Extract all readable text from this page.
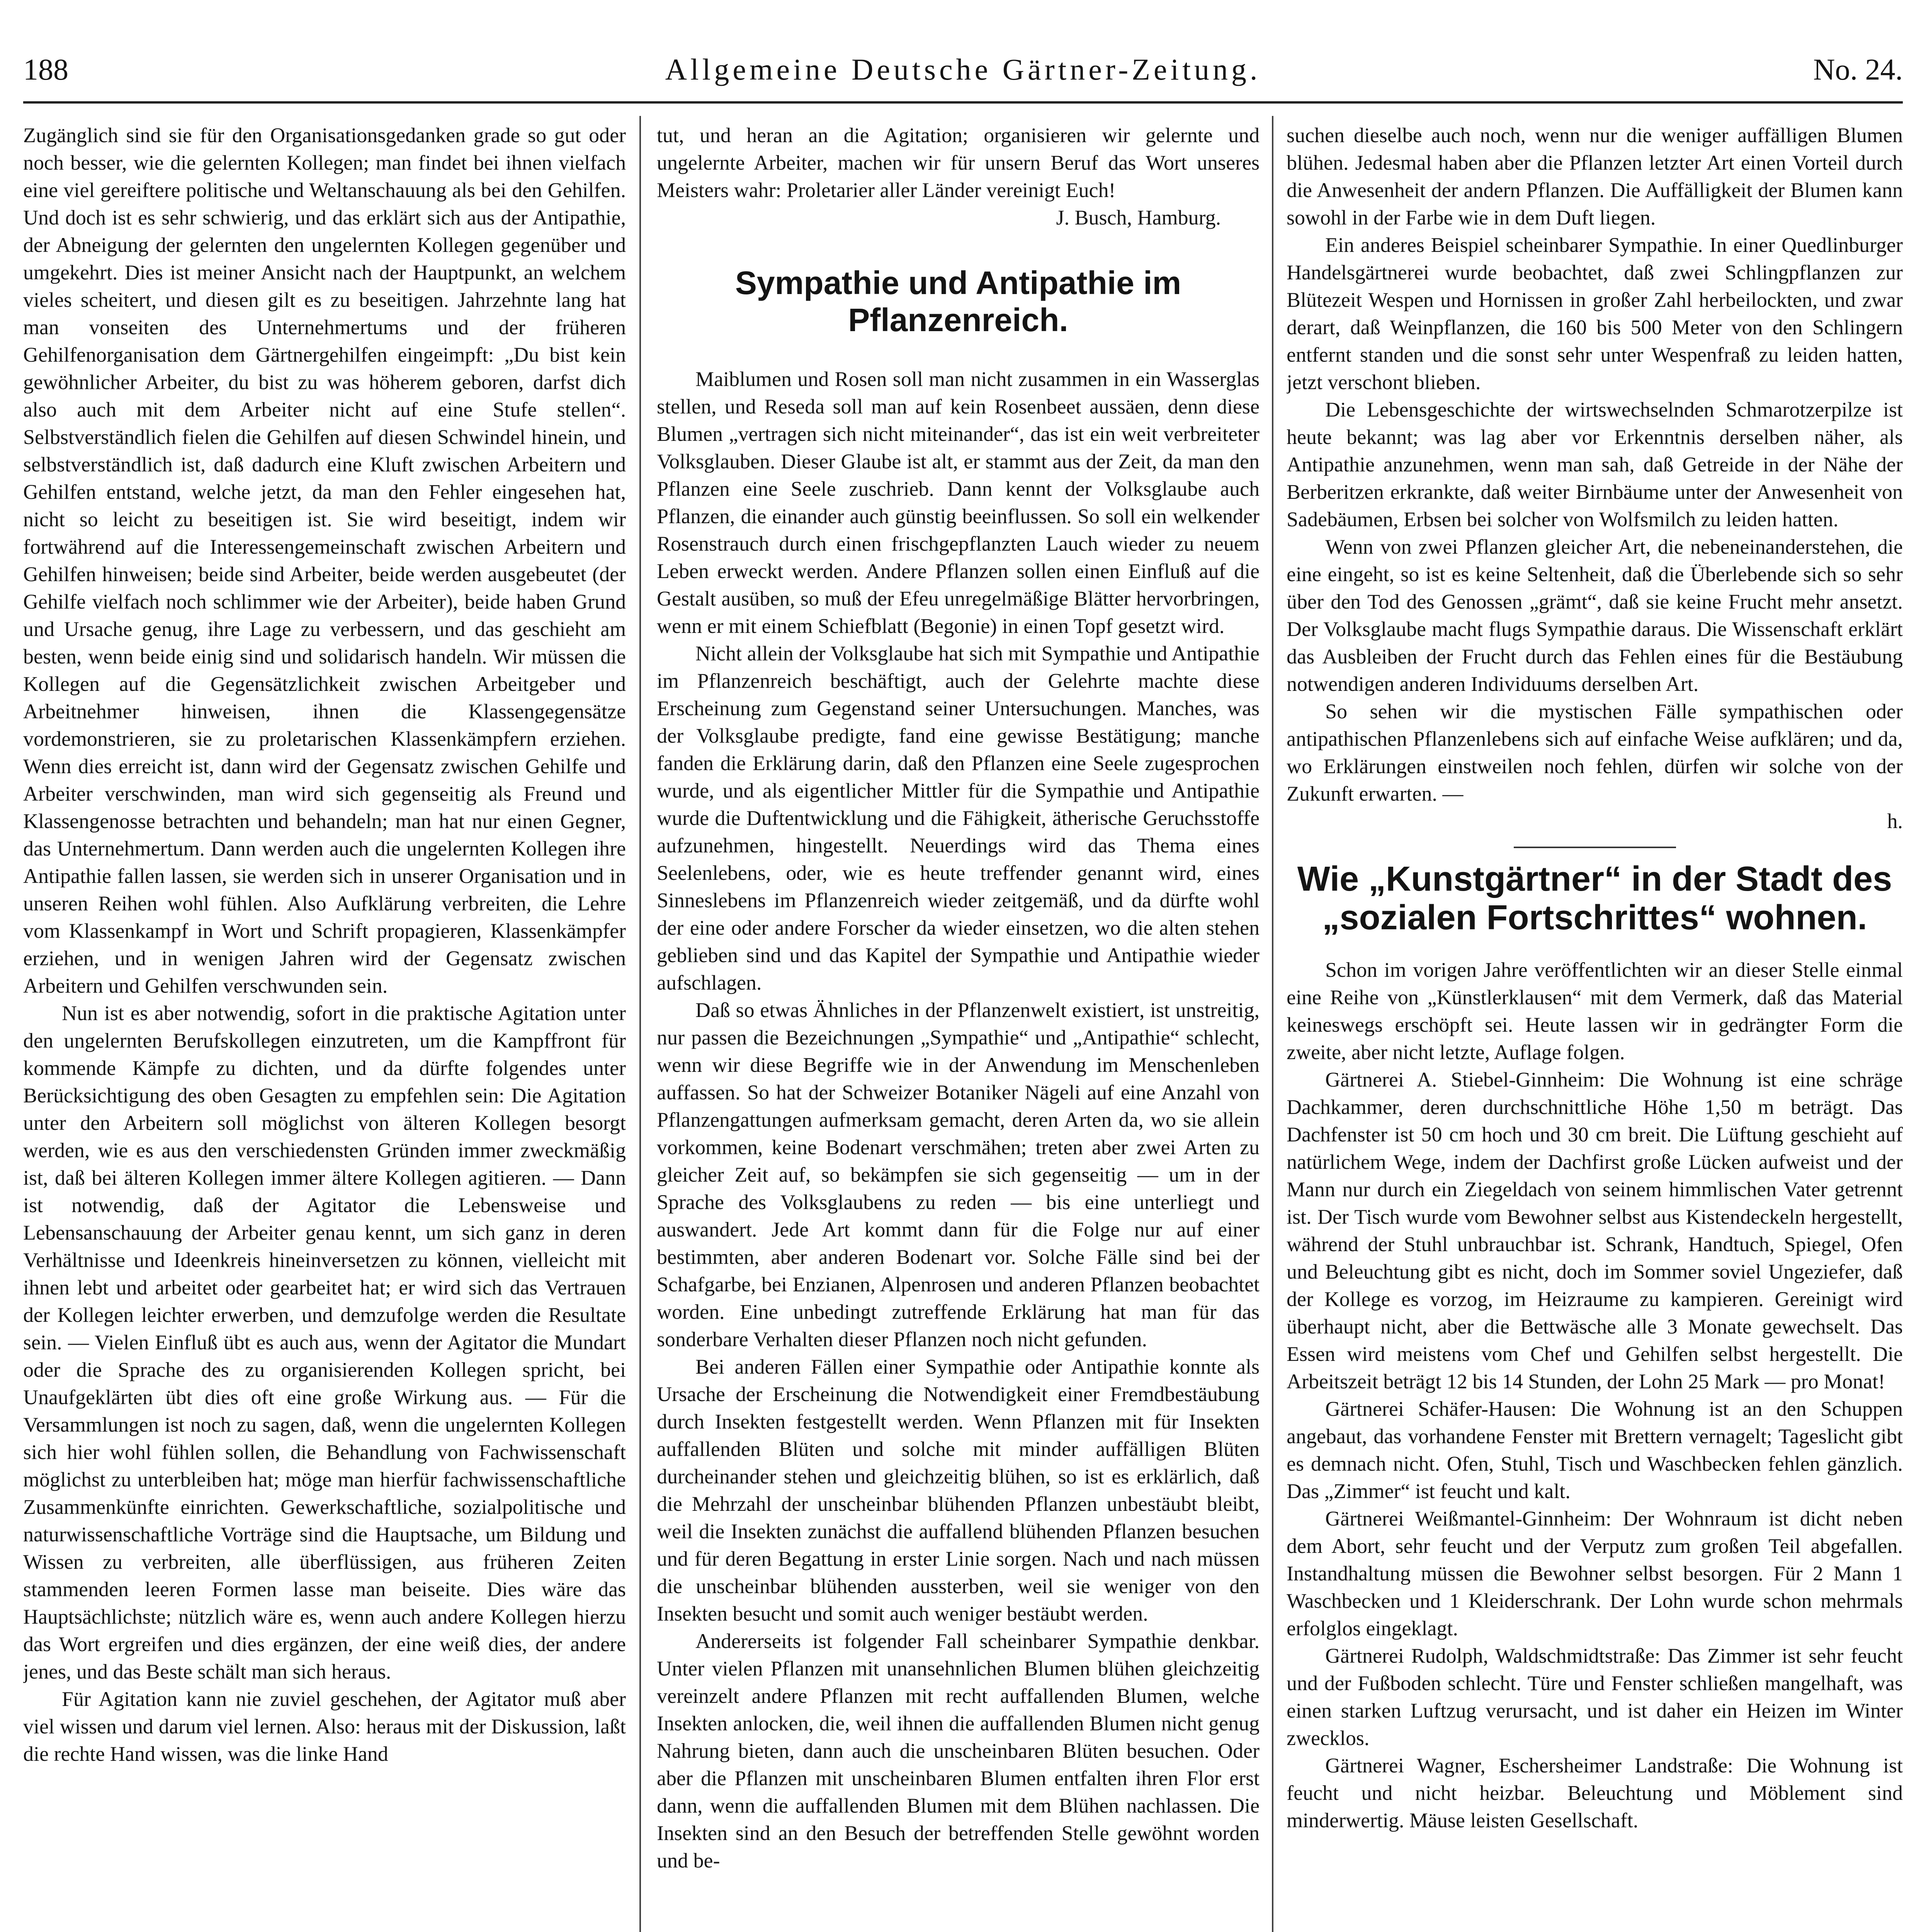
Allgemeine Deutsche Gärtner-Zeitung.
188	No. 24.

Zugänglich sind sie für den Organisationsgedanken grade so gut oder noch besser, wie die gelernten Kollegen; man findet bei ihnen vielfach eine viel gereiftere politische und Weltanschauung als bei den Gehilfen. Und doch ist es sehr schwierig, und das erklärt sich aus der Antipathie, der Abneigung der gelernten den ungelernten Kollegen gegenüber und umgekehrt. Dies ist meiner Ansicht nach der Hauptpunkt, an welchem vieles scheitert, und diesen gilt es zu beseitigen. Jahrzehnte lang hat man vonseiten des Unternehmertums und der früheren Gehilfenorganisation dem Gärtnergehilfen eingeimpft: „Du bist kein gewöhnlicher Arbeiter, du bist zu was höherem geboren, darfst dich also auch mit dem Arbeiter nicht auf eine Stufe stellen“. Selbstverständlich fielen die Gehilfen auf diesen Schwindel hinein, und selbstverständlich ist, daß dadurch eine Kluft zwischen Arbeitern und Gehilfen entstand, welche jetzt, da man den Fehler eingesehen hat, nicht so leicht zu beseitigen ist. Sie wird beseitigt, indem wir fortwährend auf die Interessengemeinschaft zwischen Arbeitern und Gehilfen hinweisen; beide sind Arbeiter, beide werden ausgebeutet (der Gehilfe vielfach noch schlimmer wie der Arbeiter), beide haben Grund und Ursache genug, ihre Lage zu verbessern, und das geschieht am besten, wenn beide einig sind und solidarisch handeln. Wir müssen die Kollegen auf die Gegensätzlichkeit zwischen Arbeitgeber und Arbeitnehmer hinweisen, ihnen die Klassengegensätze vordemonstrieren, sie zu proletarischen Klassenkämpfern erziehen. Wenn dies erreicht ist, dann wird der Gegensatz zwischen Gehilfe und Arbeiter verschwinden, man wird sich gegenseitig als Freund und Klassengenosse betrachten und behandeln; man hat nur einen Gegner, das Unternehmertum. Dann werden auch die ungelernten Kollegen ihre Antipathie fallen lassen, sie werden sich in unserer Organisation und in unseren Reihen wohl fühlen. Also Aufklärung verbreiten, die Lehre vom Klassenkampf in Wort und Schrift propagieren, Klassenkämpfer erziehen, und in wenigen Jahren wird der Gegensatz zwischen Arbeitern und Gehilfen verschwunden sein.

Nun ist es aber notwendig, sofort in die praktische Agitation unter den ungelernten Berufskollegen einzutreten, um die Kampffront für kommende Kämpfe zu dichten, und da dürfte folgendes unter Berücksichtigung des oben Gesagten zu empfehlen sein: Die Agitation unter den Arbeitern soll möglichst von älteren Kollegen besorgt werden, wie es aus den verschiedensten Gründen immer zweckmäßig ist, daß bei älteren Kollegen immer ältere Kollegen agitieren. — Dann ist notwendig, daß der Agitator die Lebensweise und Lebensanschauung der Arbeiter genau kennt, um sich ganz in deren Verhältnisse und Ideenkreis hineinversetzen zu können, vielleicht mit ihnen lebt und arbeitet oder gearbeitet hat; er wird sich das Vertrauen der Kollegen leichter erwerben, und demzufolge werden die Resultate sein. — Vielen Einfluß übt es auch aus, wenn der Agitator die Mundart oder die Sprache des zu organisierenden Kollegen spricht, bei Unaufgeklärten übt dies oft eine große Wirkung aus. — Für die Versammlungen ist noch zu sagen, daß, wenn die ungelernten Kollegen sich hier wohl fühlen sollen, die Behandlung von Fachwissenschaft möglichst zu unterbleiben hat; möge man hierfür fachwissenschaftliche Zusammenkünfte einrichten. Gewerkschaftliche, sozialpolitische und naturwissenschaftliche Vorträge sind die Hauptsache, um Bildung und Wissen zu verbreiten, alle überflüssigen, aus früheren Zeiten stammenden leeren Formen lasse man beiseite. Dies wäre das Hauptsächlichste; nützlich wäre es, wenn auch andere Kollegen hierzu das Wort ergreifen und dies ergänzen, der eine weiß dies, der andere jenes, und das Beste schält man sich heraus.

Für Agitation kann nie zuviel geschehen, der Agitator muß aber viel wissen und darum viel lernen. Also: heraus mit der Diskussion, laßt die rechte Hand wissen, was die linke Hand

tut, und heran an die Agitation; organisieren wir gelernte und ungelernte Arbeiter, machen wir für unsern Beruf das Wort unseres Meisters wahr: Proletarier aller Länder vereinigt Euch!

J. Busch, Hamburg.

Sympathie und Antipathie im Pflanzenreich.

Maiblumen und Rosen soll man nicht zusammen in ein Wasserglas stellen, und Reseda soll man auf kein Rosenbeet aussäen, denn diese Blumen „vertragen sich nicht miteinander“, das ist ein weit verbreiteter Volksglauben. Dieser Glaube ist alt, er stammt aus der Zeit, da man den Pflanzen eine Seele zuschrieb. Dann kennt der Volksglaube auch Pflanzen, die einander auch günstig beeinflussen. So soll ein welkender Rosenstrauch durch einen frischgepflanzten Lauch wieder zu neuem Leben erweckt werden. Andere Pflanzen sollen einen Einfluß auf die Gestalt ausüben, so muß der Efeu unregelmäßige Blätter hervorbringen, wenn er mit einem Schiefblatt (Begonie) in einen Topf gesetzt wird.

Nicht allein der Volksglaube hat sich mit Sympathie und Antipathie im Pflanzenreich beschäftigt, auch der Gelehrte machte diese Erscheinung zum Gegenstand seiner Untersuchungen. Manches, was der Volksglaube predigte, fand eine gewisse Bestätigung; manche fanden die Erklärung darin, daß den Pflanzen eine Seele zugesprochen wurde, und als eigentlicher Mittler für die Sympathie und Antipathie wurde die Duftentwicklung und die Fähigkeit, ätherische Geruchsstoffe aufzunehmen, hingestellt. Neuerdings wird das Thema eines Seelenlebens, oder, wie es heute treffender genannt wird, eines Sinneslebens im Pflanzenreich wieder zeitgemäß, und da dürfte wohl der eine oder andere Forscher da wieder einsetzen, wo die alten stehen geblieben sind und das Kapitel der Sympathie und Antipathie wieder aufschlagen.

Daß so etwas Ähnliches in der Pflanzenwelt existiert, ist unstreitig, nur passen die Bezeichnungen „Sympathie“ und „Antipathie“ schlecht, wenn wir diese Begriffe wie in der Anwendung im Menschenleben auffassen. So hat der Schweizer Botaniker Nägeli auf eine Anzahl von Pflanzengattungen aufmerksam gemacht, deren Arten da, wo sie allein vorkommen, keine Bodenart verschmähen; treten aber zwei Arten zu gleicher Zeit auf, so bekämpfen sie sich gegenseitig — um in der Sprache des Volksglaubens zu reden — bis eine unterliegt und auswandert. Jede Art kommt dann für die Folge nur auf einer bestimmten, aber anderen Bodenart vor. Solche Fälle sind bei der Schafgarbe, bei Enzianen, Alpenrosen und anderen Pflanzen beobachtet worden. Eine unbedingt zutreffende Erklärung hat man für das sonderbare Verhalten dieser Pflanzen noch nicht gefunden.

Bei anderen Fällen einer Sympathie oder Antipathie konnte als Ursache der Erscheinung die Notwendigkeit einer Fremdbestäubung durch Insekten festgestellt werden. Wenn Pflanzen mit für Insekten auffallenden Blüten und solche mit minder auffälligen Blüten durcheinander stehen und gleichzeitig blühen, so ist es erklärlich, daß die Mehrzahl der unscheinbar blühenden Pflanzen unbestäubt bleibt, weil die Insekten zunächst die auffallend blühenden Pflanzen besuchen und für deren Begattung in erster Linie sorgen. Nach und nach müssen die unscheinbar blühenden aussterben, weil sie weniger von den Insekten besucht und somit auch weniger bestäubt werden.

Andererseits ist folgender Fall scheinbarer Sympathie denkbar. Unter vielen Pflanzen mit unansehnlichen Blumen blühen gleichzeitig vereinzelt andere Pflanzen mit recht auffallenden Blumen, welche Insekten anlocken, die, weil ihnen die auffallenden Blumen nicht genug Nahrung bieten, dann auch die unscheinbaren Blüten besuchen. Oder aber die Pflanzen mit unscheinbaren Blumen entfalten ihren Flor erst dann, wenn die auffallenden Blumen mit dem Blühen nachlassen. Die Insekten sind an den Besuch der betreffenden Stelle gewöhnt worden und be-

suchen dieselbe auch noch, wenn nur die weniger auffälligen Blumen blühen. Jedesmal haben aber die Pflanzen letzter Art einen Vorteil durch die Anwesenheit der andern Pflanzen. Die Auffälligkeit der Blumen kann sowohl in der Farbe wie in dem Duft liegen.

Ein anderes Beispiel scheinbarer Sympathie. In einer Quedlinburger Handelsgärtnerei wurde beobachtet, daß zwei Schlingpflanzen zur Blütezeit Wespen und Hornissen in großer Zahl herbeilockten, und zwar derart, daß Weinpflanzen, die 160 bis 500 Meter von den Schlingern entfernt standen und die sonst sehr unter Wespenfraß zu leiden hatten, jetzt verschont blieben.

Die Lebensgeschichte der wirtswechselnden Schmarotzerpilze ist heute bekannt; was lag aber vor Erkenntnis derselben näher, als Antipathie anzunehmen, wenn man sah, daß Getreide in der Nähe der Berberitzen erkrankte, daß weiter Birnbäume unter der Anwesenheit von Sadebäumen, Erbsen bei solcher von Wolfsmilch zu leiden hatten.

Wenn von zwei Pflanzen gleicher Art, die nebeneinanderstehen, die eine eingeht, so ist es keine Seltenheit, daß die Überlebende sich so sehr über den Tod des Genossen „grämt“, daß sie keine Frucht mehr ansetzt. Der Volksglaube macht flugs Sympathie daraus. Die Wissenschaft erklärt das Ausbleiben der Frucht durch das Fehlen eines für die Bestäubung notwendigen anderen Individuums derselben Art.

So sehen wir die mystischen Fälle sympathischen oder antipathischen Pflanzenlebens sich auf einfache Weise aufklären; und da, wo Erklärungen einstweilen noch fehlen, dürfen wir solche von der Zukunft erwarten. —

h.

Wie „Kunstgärtner“ in der Stadt des „sozialen Fortschrittes“ wohnen.

Schon im vorigen Jahre veröffentlichten wir an dieser Stelle einmal eine Reihe von „Künstlerklausen“ mit dem Vermerk, daß das Material keineswegs erschöpft sei. Heute lassen wir in gedrängter Form die zweite, aber nicht letzte, Auflage folgen.

Gärtnerei A. Stiebel-Ginnheim: Die Wohnung ist eine schräge Dachkammer, deren durchschnittliche Höhe 1,50 m beträgt. Das Dachfenster ist 50 cm hoch und 30 cm breit. Die Lüftung geschieht auf natürlichem Wege, indem der Dachfirst große Lücken aufweist und der Mann nur durch ein Ziegeldach von seinem himmlischen Vater getrennt ist. Der Tisch wurde vom Bewohner selbst aus Kistendeckeln hergestellt, während der Stuhl unbrauchbar ist. Schrank, Handtuch, Spiegel, Ofen und Beleuchtung gibt es nicht, doch im Sommer soviel Ungeziefer, daß der Kollege es vorzog, im Heizraume zu kampieren. Gereinigt wird überhaupt nicht, aber die Bettwäsche alle 3 Monate gewechselt. Das Essen wird meistens vom Chef und Gehilfen selbst hergestellt. Die Arbeitszeit beträgt 12 bis 14 Stunden, der Lohn 25 Mark — pro Monat!

Gärtnerei Schäfer-Hausen: Die Wohnung ist an den Schuppen angebaut, das vorhandene Fenster mit Brettern vernagelt; Tageslicht gibt es demnach nicht. Ofen, Stuhl, Tisch und Waschbecken fehlen gänzlich. Das „Zimmer“ ist feucht und kalt.

Gärtnerei Weißmantel-Ginnheim: Der Wohnraum ist dicht neben dem Abort, sehr feucht und der Verputz zum großen Teil abgefallen. Instandhaltung müssen die Bewohner selbst besorgen. Für 2 Mann 1 Waschbecken und 1 Kleiderschrank. Der Lohn wurde schon mehrmals erfolglos eingeklagt.

Gärtnerei Rudolph, Waldschmidtstraße: Das Zimmer ist sehr feucht und der Fußboden schlecht. Türe und Fenster schließen mangelhaft, was einen starken Luftzug verursacht, und ist daher ein Heizen im Winter zwecklos.

Gärtnerei Wagner, Eschersheimer Landstraße: Die Wohnung ist feucht und nicht heizbar. Beleuchtung und Möblement sind minderwertig. Mäuse leisten Gesellschaft.
